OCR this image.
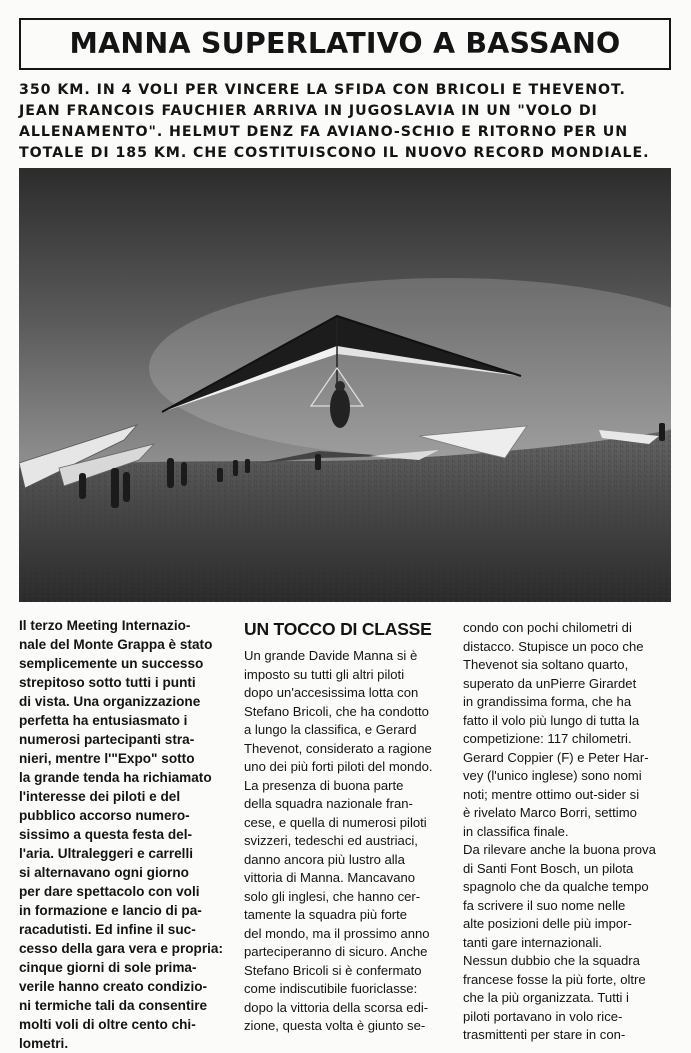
MANNA SUPERLATIVO A BASSANO
350 KM. IN 4 VOLI PER VINCERE LA SFIDA CON BRICOLI E THEVENOT.
JEAN FRANCOIS FAUCHIER ARRIVA IN JUGOSLAVIA IN UN "VOLO DI
ALLENAMENTO". HELMUT DENZ FA AVIANO-SCHIO E RITORNO PER UN
TOTALE DI 185 KM. CHE COSTITUISCONO IL NUOVO RECORD MONDIALE.
Il terzo Meeting Internazio-
nale del Monte Grappa è stato
semplicemente un successo
strepitoso sotto tutti i punti
di vista. Una organizzazione
perfetta ha entusiasmato i
numerosi partecipanti stra-
nieri, mentre l'"Expo" sotto
la grande tenda ha richiamato
l'interesse dei piloti e del
pubblico accorso numero-
sissimo a questa festa del-
l'aria. Ultraleggeri e carrelli
si alternavano ogni giorno
per dare spettacolo con voli
in formazione e lancio di pa-
racadutisti. Ed infine il suc-
cesso della gara vera e propria:
cinque giorni di sole prima-
verile hanno creato condizio-
ni termiche tali da consentire
molti voli di oltre cento chi-
lometri.
UN TOCCO DI CLASSE
Un grande Davide Manna si è
imposto su tutti gli altri piloti
dopo un'accesissima lotta con
Stefano Bricoli, che ha condotto
a lungo la classifica, e Gerard
Thevenot, considerato a ragione
uno dei più forti piloti del mondo.
La presenza di buona parte
della squadra nazionale fran-
cese, e quella di numerosi piloti
svizzeri, tedeschi ed austriaci,
danno ancora più lustro alla
vittoria di Manna. Mancavano
solo gli inglesi, che hanno cer-
tamente la squadra più forte
del mondo, ma il prossimo anno
parteciperanno di sicuro. Anche
Stefano Bricoli si è confermato
come indiscutibile fuoriclasse:
dopo la vittoria della scorsa edi-
zione, questa volta è giunto se-
condo con pochi chilometri di
distacco. Stupisce un poco che
Thevenot sia soltano quarto,
superato da unPierre Girardet
in grandissima forma, che ha
fatto il volo più lungo di tutta la
competizione: 117 chilometri.
Gerard Coppier (F) e Peter Har-
vey (l'unico inglese) sono nomi
noti; mentre ottimo out-sider si
è rivelato Marco Borri, settimo
in classifica finale.
Da rilevare anche la buona prova
di Santi Font Bosch, un pilota
spagnolo che da qualche tempo
fa scrivere il suo nome nelle
alte posizioni delle più impor-
tanti gare internazionali.
Nessun dubbio che la squadra
francese fosse la più forte, oltre
che la più organizzata. Tutti i
piloti portavano in volo rice-
trasmittenti per stare in con-
